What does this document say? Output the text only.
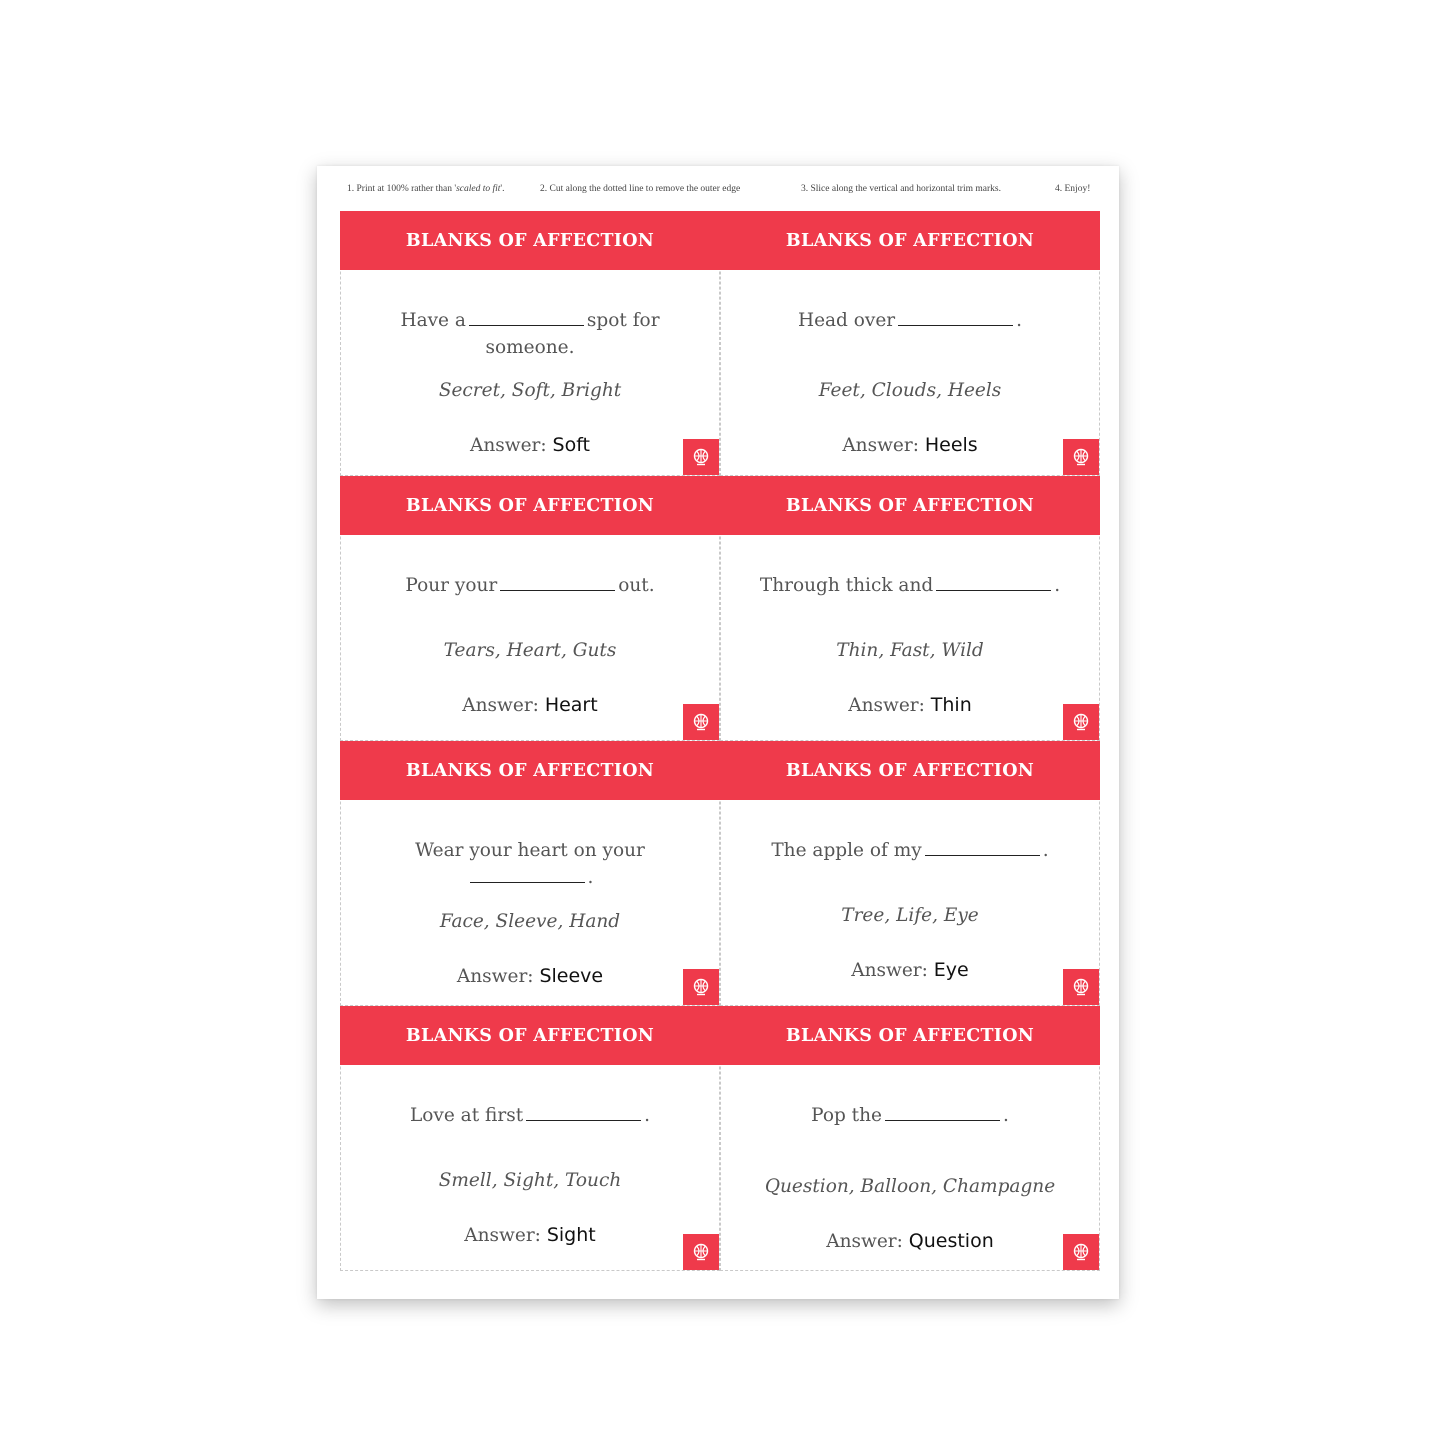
1. Print at 100% rather than 'scaled to fit'.	2. Cut along the dotted line to remove the outer edge	3. Slice along the vertical and horizontal trim marks.	4. Enjoy!
BLANKS OF AFFECTION
Have a	spot for someone.
Secret, Soft, Bright
Answer: Soft
BLANKS OF AFFECTION
Head over	.
Feet, Clouds, Heels
Answer: Heels
BLANKS OF AFFECTION
Pour your	out.
Tears, Heart, Guts
Answer: Heart
BLANKS OF AFFECTION
Through thick and	.
Thin, Fast, Wild
Answer: Thin
BLANKS OF AFFECTION
Wear your heart on your
.
Face, Sleeve, Hand
Answer: Sleeve
BLANKS OF AFFECTION
The apple of my	.
Tree, Life, Eye
Answer: Eye
BLANKS OF AFFECTION
Love at first	.
Smell, Sight, Touch
Answer: Sight
BLANKS OF AFFECTION
Pop the	.
Question, Balloon, Champagne
Answer: Question
